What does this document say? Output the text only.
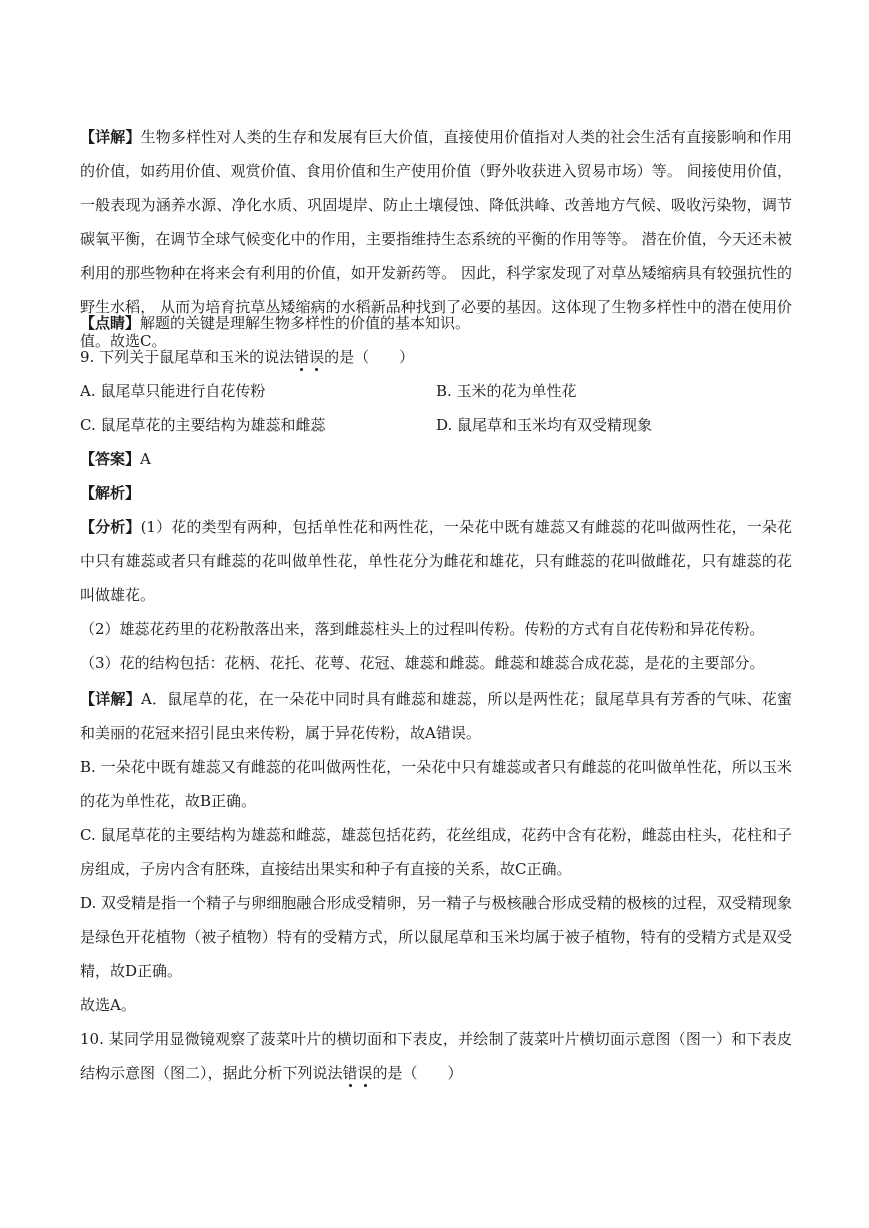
【详解】生物多样性对人类的生存和发展有巨大价值，直接使用价值指对人类的社会生活有直接影响和作用的价值，如药用价值、观赏价值、食用价值和生产使用价值（野外收获进入贸易市场）等。 间接使用价值，一般表现为涵养水源、净化水质、巩固堤岸、防止土壤侵蚀、降低洪峰、改善地方气候、吸收污染物，调节碳氧平衡，在调节全球气候变化中的作用，主要指维持生态系统的平衡的作用等等。 潜在价值，今天还未被利用的那些物种在将来会有利用的价值，如开发新药等。 因此，科学家发现了对草丛矮缩病具有较强抗性的野生水稻， 从而为培育抗草丛矮缩病的水稻新品种找到了必要的基因。这体现了生物多样性中的潜在使用价值。故选C。

【点睛】解题的关键是理解生物多样性的价值的基本知识。

9. 下列关于鼠尾草和玉米的说法错误的是（　　）

A. 鼠尾草只能进行自花传粉	B. 玉米的花为单性花
C. 鼠尾草花的主要结构为雄蕊和雌蕊	D. 鼠尾草和玉米均有双受精现象

【答案】A

【解析】

【分析】(1）花的类型有两种，包括单性花和两性花，一朵花中既有雄蕊又有雌蕊的花叫做两性花，一朵花中只有雄蕊或者只有雌蕊的花叫做单性花，单性花分为雌花和雄花，只有雌蕊的花叫做雌花，只有雄蕊的花叫做雄花。

（2）雄蕊花药里的花粉散落出来，落到雌蕊柱头上的过程叫传粉。传粉的方式有自花传粉和异花传粉。

（3）花的结构包括：花柄、花托、花萼、花冠、雄蕊和雌蕊。雌蕊和雄蕊合成花蕊，是花的主要部分。

【详解】A．鼠尾草的花，在一朵花中同时具有雌蕊和雄蕊，所以是两性花；鼠尾草具有芳香的气味、花蜜和美丽的花冠来招引昆虫来传粉，属于异花传粉，故A错误。

B. 一朵花中既有雄蕊又有雌蕊的花叫做两性花，一朵花中只有雄蕊或者只有雌蕊的花叫做单性花，所以玉米的花为单性花，故B正确。

C. 鼠尾草花的主要结构为雄蕊和雌蕊，雄蕊包括花药，花丝组成，花药中含有花粉，雌蕊由柱头，花柱和子房组成，子房内含有胚珠，直接结出果实和种子有直接的关系，故C正确。

D. 双受精是指一个精子与卵细胞融合形成受精卵，另一精子与极核融合形成受精的极核的过程，双受精现象是绿色开花植物（被子植物）特有的受精方式，所以鼠尾草和玉米均属于被子植物，特有的受精方式是双受精，故D正确。

故选A。

10. 某同学用显微镜观察了菠菜叶片的横切面和下表皮，并绘制了菠菜叶片横切面示意图（图一）和下表皮结构示意图（图二），据此分析下列说法错误的是（　　）
